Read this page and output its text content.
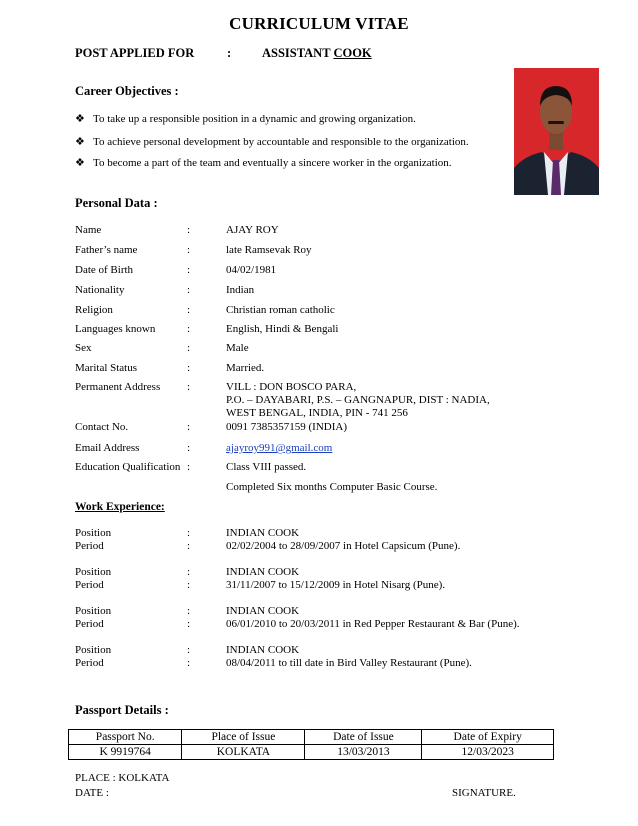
CURRICULUM VITAE
POST APPLIED FOR	: ASSISTANT COOK
Career Objectives :
❖ To take up a responsible position in a dynamic and growing organization.
❖ To achieve personal development by accountable and responsible to the organization.
❖ To become a part of the team and eventually a sincere worker in the organization.
Personal Data :
Name	:	AJAY ROY
Father’s name	:	late Ramsevak Roy
Date of Birth	:	04/02/1981
Nationality	:	Indian
Religion	:	Christian roman catholic
Languages known	:	English, Hindi & Bengali
Sex	:	Male
Marital Status	:	Married.
Permanent Address :	VILL : DON BOSCO PARA,
P.O. – DAYABARI, P.S. – GANGNAPUR, DIST : NADIA,
WEST BENGAL, INDIA, PIN - 741 256
Contact No.	:	0091 7385357159 (INDIA)
Email Address	:	ajayroy991@gmail.com
Education Qualification :	Class VIII passed.
Completed Six months Computer Basic Course.
Work Experience:
Position	:	INDIAN COOK
Period	:	02/02/2004 to 28/09/2007 in Hotel Capsicum (Pune).
Position	:	INDIAN COOK
Period	:	31/11/2007 to 15/12/2009 in Hotel Nisarg (Pune).
Position	:	INDIAN COOK
Period	:	06/01/2010 to 20/03/2011 in Red Pepper Restaurant & Bar (Pune).
Position	:	INDIAN COOK
Period	:	08/04/2011 to till date in Bird Valley Restaurant (Pune).
Passport Details :
Passport No.	Place of Issue	Date of Issue	Date of Expiry
K 9919764	KOLKATA	13/03/2013	12/03/2023
PLACE : KOLKATA
DATE :	SIGNATURE.
